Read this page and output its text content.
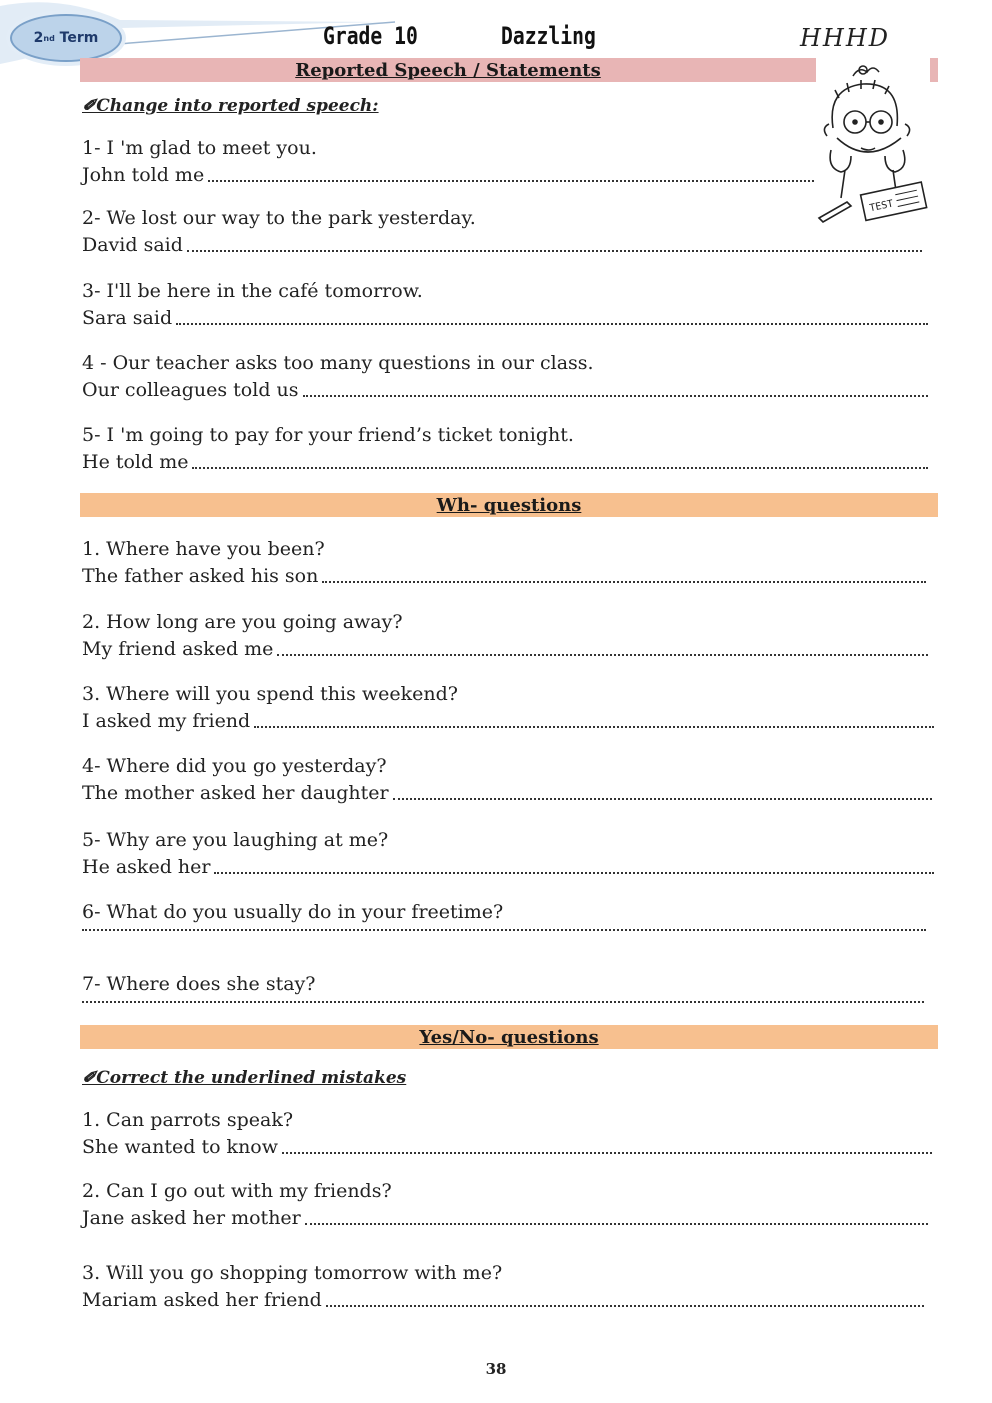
2 nd
Term	Grade 10	Dazzling	HHHD
Reported Speech / Statements
✐Change into reported speech:
TEST
1- I 'm glad to meet you.
John told me
2- We lost our way to the park yesterday.
David said
3- I'll be here in the café tomorrow.
Sara said
4 - Our teacher asks too many questions in our class.
Our colleagues told us
5- I 'm going to pay for your friend’s ticket tonight.
He told me
Wh- questions
1. Where have you been?
The father asked his son
2. How long are you going away?
My friend asked me
3. Where will you spend this weekend?
I asked my friend
4- Where did you go yesterday?
The mother asked her daughter
5- Why are you laughing at me?
He asked her
6- What do you usually do in your freetime?
7- Where does she stay?
Yes/No- questions
✐Correct the underlined mistakes
1. Can parrots speak?
She wanted to know
2. Can I go out with my friends?
Jane asked her mother
3. Will you go shopping tomorrow with me?
Mariam asked her friend
38
